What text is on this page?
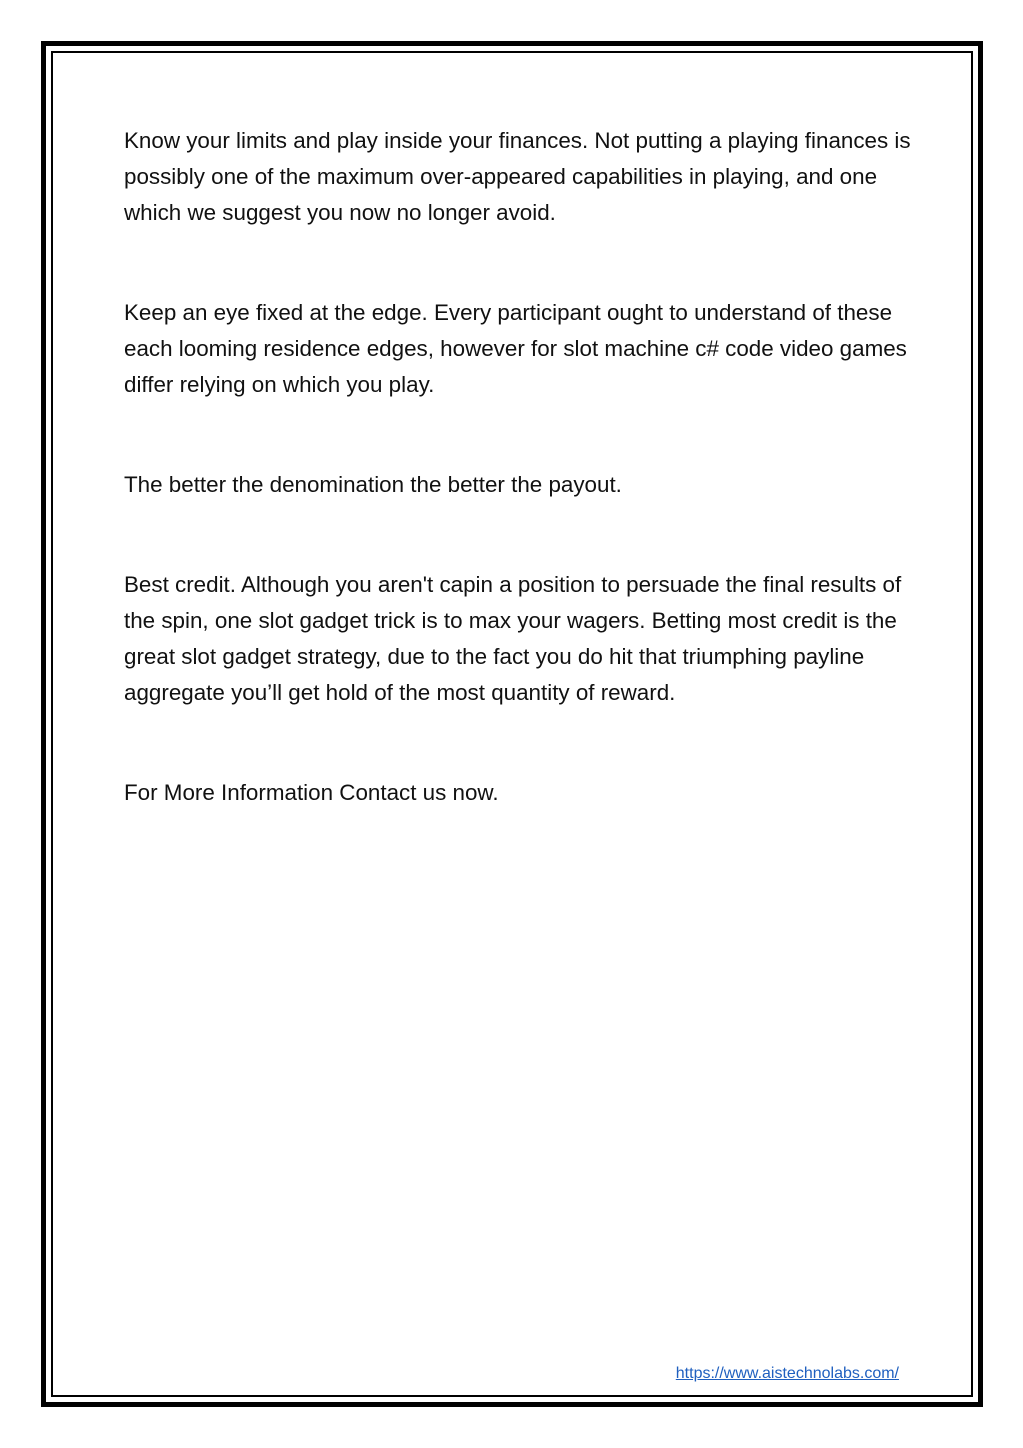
Know your limits and play inside your finances. Not putting a playing finances is possibly one of the maximum over-appeared capabilities in playing, and one which we suggest you now no longer avoid.

Keep an eye fixed at the edge. Every participant ought to understand of these each looming residence edges, however for slot machine c# code video games differ relying on which you play.

The better the denomination the better the payout.

Best credit. Although you aren't capin a position to persuade the final results of the spin, one slot gadget trick is to max your wagers. Betting most credit is the great slot gadget strategy, due to the fact you do hit that triumphing payline aggregate you’ll get hold of the most quantity of reward.

For More Information Contact us now.

https://www.aistechnolabs.com/
